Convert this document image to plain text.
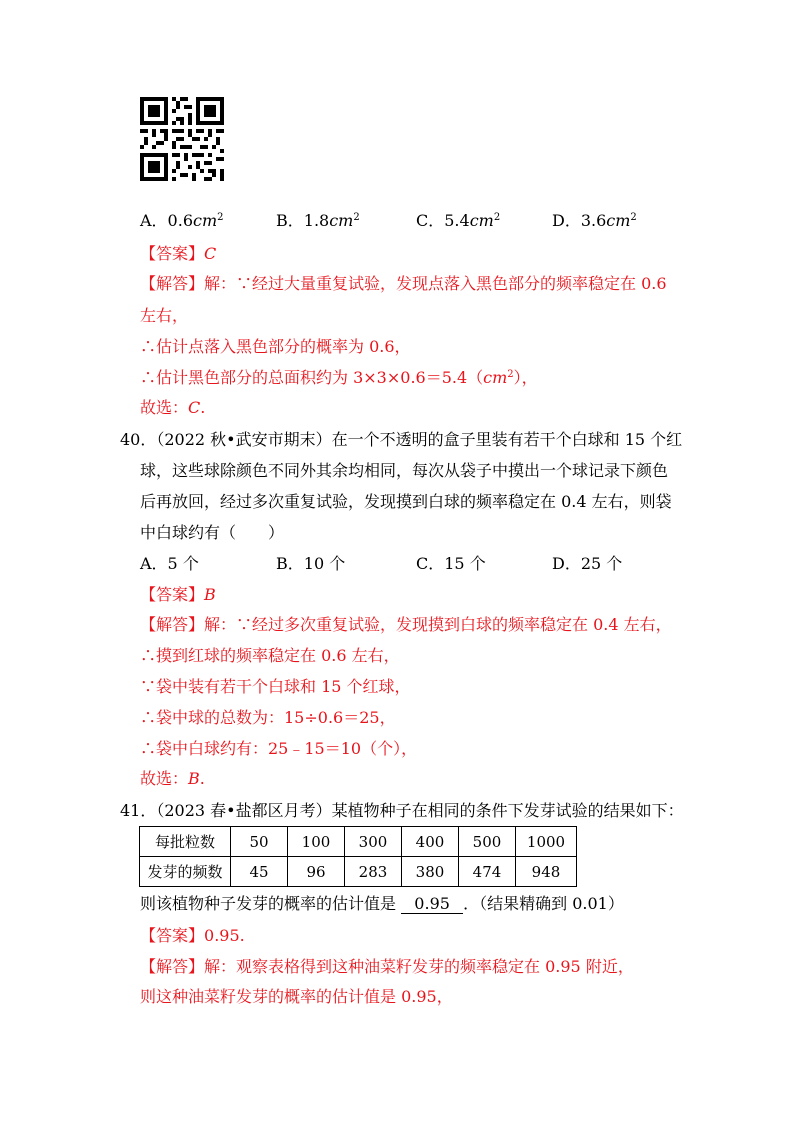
A．$0.6cm^2$	B．$1.8cm^2$	C．$5.4cm^2$	D．$3.6cm^2$
【答案】C
【解答】解：∵经过大量重复试验，发现点落入黑色部分的频率稳定在 0.6
左右，
∴估计点落入黑色部分的概率为 0.6，
∴估计黑色部分的总面积约为 $3\times 3\times 0.6=5.4(cm^2)$，
故选：C.
40．（2022 秋•武安市期末）在一个不透明的盒子里装有若干个白球和 15 个红
球，这些球除颜色不同外其余均相同，每次从袋子中摸出一个球记录下颜色
后再放回，经过多次重复试验，发现摸到白球的频率稳定在 0.4 左右，则袋
中白球约有（　　）
A．5 个	B．10 个	C．15 个	D．25 个
【答案】B
【解答】解：∵经过多次重复试验，发现摸到白球的频率稳定在 0.4 左右，
∴摸到红球的频率稳定在 0.6 左右，
∵袋中装有若干个白球和 15 个红球，
∴袋中球的总数为：15÷0.6＝25，
∴袋中白球约有：25﹣15＝10（个），
故选：B.
41．（2023 春•盐都区月考）某植物种子在相同的条件下发芽试验的结果如下：
每批粒数	50	100	300	400	500	1000
发芽的频数	45	96	283	380	474	948
则该植物种子发芽的概率的估计值是 0.95 ．（结果精确到 0.01）
【答案】0.95.
【解答】解：观察表格得到这种油菜籽发芽的频率稳定在 0.95 附近，
则这种油菜籽发芽的概率的估计值是 0.95，
